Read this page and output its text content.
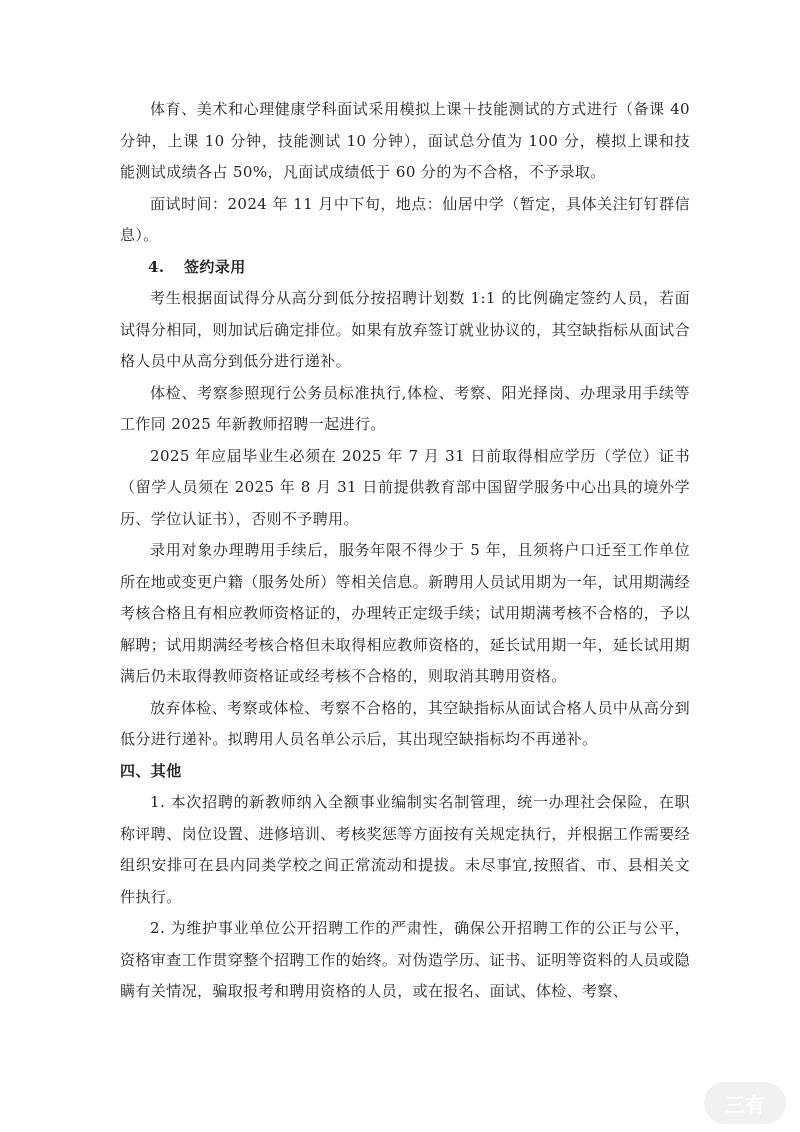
体育、美术和心理健康学科面试采用模拟上课＋技能测试的方式进行（备课 40 分钟，上课 10 分钟，技能测试 10 分钟），面试总分值为 100 分，模拟上课和技能测试成绩各占 50%，凡面试成绩低于 60 分的为不合格，不予录取。

面试时间：2024 年 11 月中下旬，地点：仙居中学（暂定，具体关注钉钉群信息）。

4. 签约录用

考生根据面试得分从高分到低分按招聘计划数 1:1 的比例确定签约人员，若面试得分相同，则加试后确定排位。如果有放弃签订就业协议的，其空缺指标从面试合格人员中从高分到低分进行递补。

体检、考察参照现行公务员标准执行,体检、考察、阳光择岗、办理录用手续等工作同 2025 年新教师招聘一起进行。

2025 年应届毕业生必须在 2025 年 7 月 31 日前取得相应学历（学位）证书（留学人员须在 2025 年 8 月 31 日前提供教育部中国留学服务中心出具的境外学历、学位认证书），否则不予聘用。

录用对象办理聘用手续后，服务年限不得少于 5 年，且须将户口迁至工作单位所在地或变更户籍（服务处所）等相关信息。新聘用人员试用期为一年，试用期满经考核合格且有相应教师资格证的，办理转正定级手续；试用期满考核不合格的，予以解聘；试用期满经考核合格但未取得相应教师资格的，延长试用期一年，延长试用期满后仍未取得教师资格证或经考核不合格的，则取消其聘用资格。

放弃体检、考察或体检、考察不合格的，其空缺指标从面试合格人员中从高分到低分进行递补。拟聘用人员名单公示后，其出现空缺指标均不再递补。

四、其他

1. 本次招聘的新教师纳入全额事业编制实名制管理，统一办理社会保险，在职称评聘、岗位设置、进修培训、考核奖惩等方面按有关规定执行，并根据工作需要经组织安排可在县内同类学校之间正常流动和提拔。未尽事宜,按照省、市、县相关文件执行。

2. 为维护事业单位公开招聘工作的严肃性，确保公开招聘工作的公正与公平，资格审查工作贯穿整个招聘工作的始终。对伪造学历、证书、证明等资料的人员或隐瞒有关情况，骗取报考和聘用资格的人员，或在报名、面试、体检、考察、

三有
